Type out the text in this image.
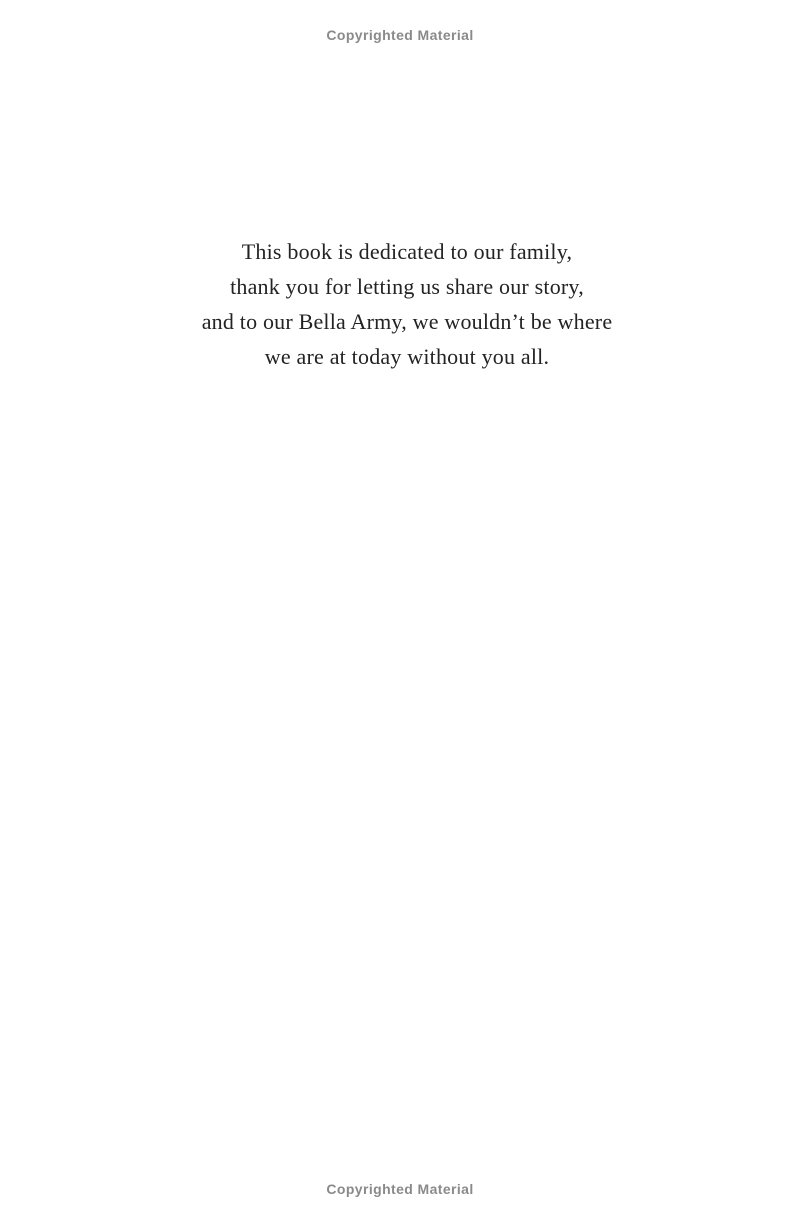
Copyrighted Material
This book is dedicated to our family,
thank you for letting us share our story,
and to our Bella Army, we wouldn’t be where
we are at today without you all.
Copyrighted Material
